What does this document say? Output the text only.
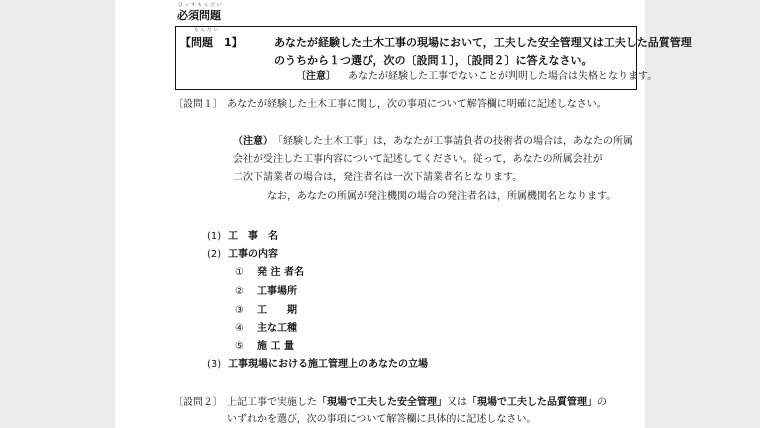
ひっすもんだい
必須問題
もんだい
【問題　1】	あなたが経験した土木工事の現場において，工夫した安全管理又は工夫した品質管理
のうちから１つ選び，次の〔設問１〕，〔設問２〕に答えなさい。
〔注意〕 あなたが経験した工事でないことが判明した場合は失格となります。
〔設問１〕 あなたが経験した土木工事に関し，次の事項について解答欄に明確に記述しなさい。
（注意） 「経験した土木工事」は，あなたが工事請負者の技術者の場合は，あなたの所属
会社が受注した工事内容について記述してください。従って，あなたの所属会社が
二次下請業者の場合は，発注者名は一次下請業者名となります。
なお，あなたの所属が発注機関の場合の発注者名は，所属機関名となります。
(1) 工　事　名
(2) 工事の内容
① 発 注 者名
② 工事場所
③ 工　　期
④ 主な工種
⑤ 施 工 量
(3) 工事現場における施工管理上のあなたの立場
〔設問２〕 上記工事で実施した「現場で工夫した安全管理」又は「現場で工夫した品質管理」の
いずれかを選び，次の事項について解答欄に具体的に記述しなさい。
